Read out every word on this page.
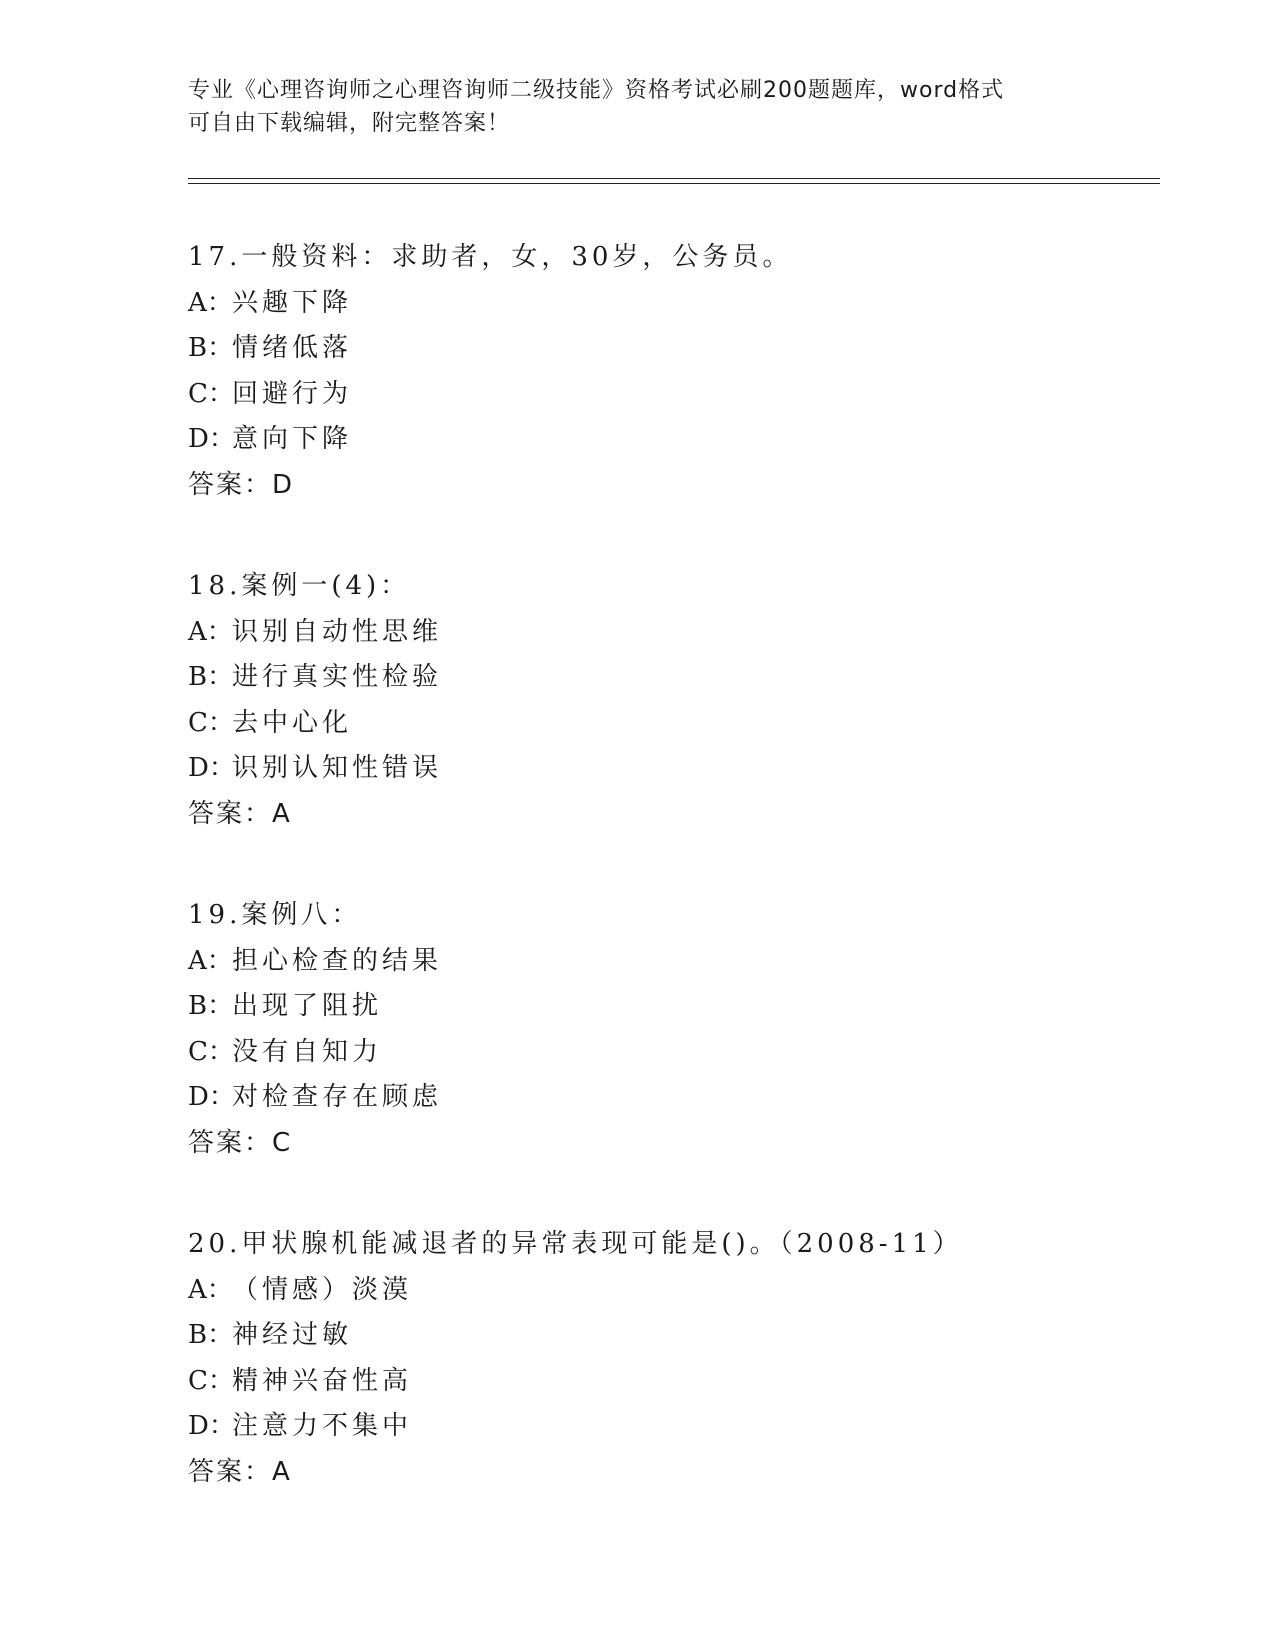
专业《心理咨询师之心理咨询师二级技能》资格考试必刷200题题库，word格式
可自由下载编辑，附完整答案！
17.一般资料：求助者，女，30岁，公务员。
A：兴趣下降
B：情绪低落
C：回避行为
D：意向下降
答案：D
18.案例一(4)：
A：识别自动性思维
B：进行真实性检验
C：去中心化
D：识别认知性错误
答案：A
19.案例八：
A：担心检查的结果
B：出现了阻扰
C：没有自知力
D：对检查存在顾虑
答案：C
20.甲状腺机能减退者的异常表现可能是()。（2008-11）
A：（情感）淡漠
B：神经过敏
C：精神兴奋性高
D：注意力不集中
答案：A
